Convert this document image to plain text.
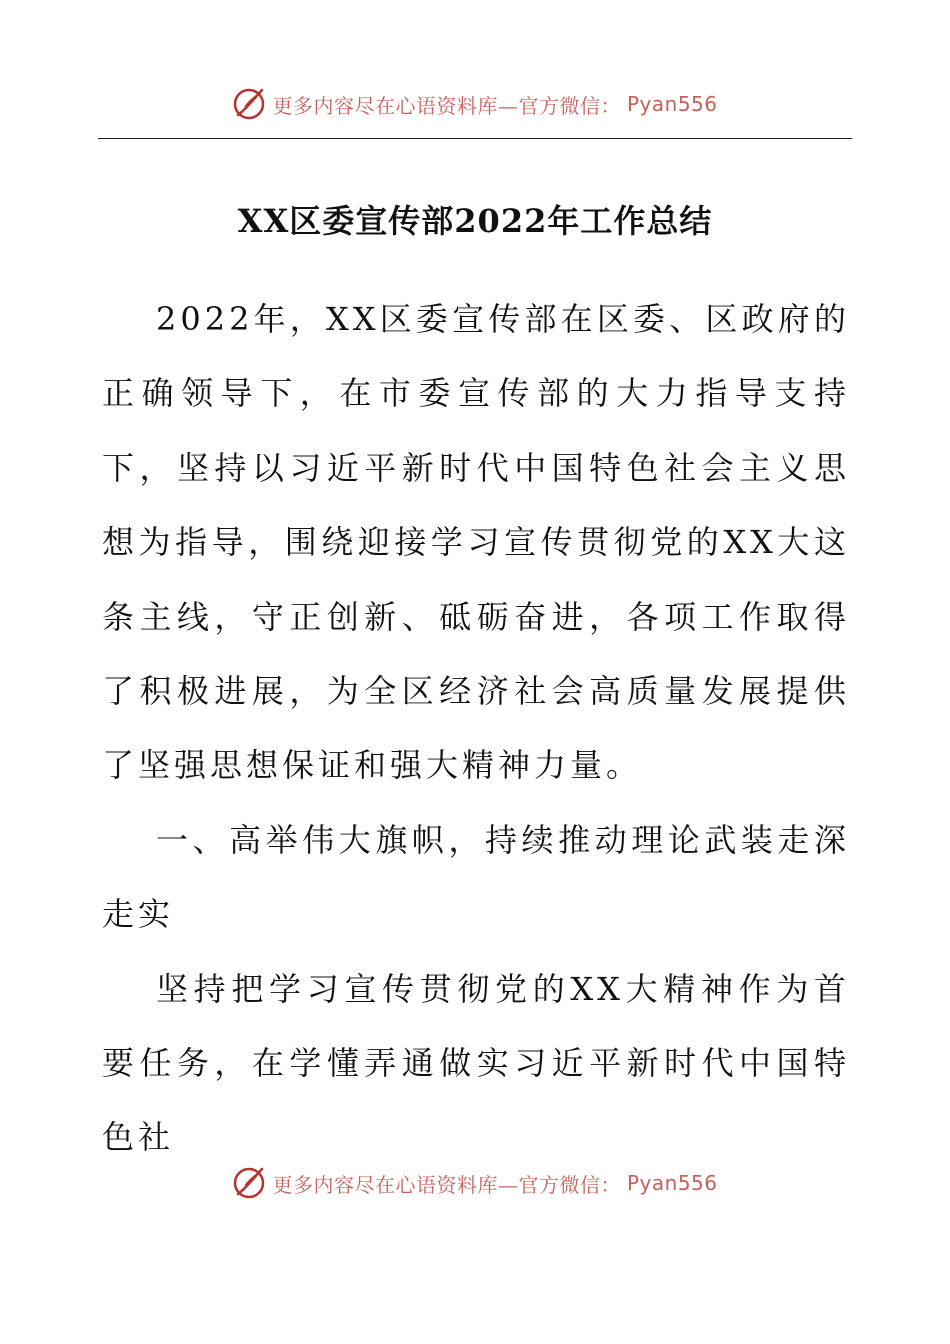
更多内容尽在心语资料库—官方微信： Pyan556
XX区委宣传部2022年工作总结

2022年，XX区委宣传部在区委、区政府的正确领导下，在市委宣传部的大力指导支持下，坚持以习近平新时代中国特色社会主义思想为指导，围绕迎接学习宣传贯彻党的XX大这条主线，守正创新、砥砺奋进，各项工作取得了积极进展，为全区经济社会高质量发展提供了坚强思想保证和强大精神力量。

一、高举伟大旗帜，持续推动理论武装走深走实

坚持把学习宣传贯彻党的XX大精神作为首要任务，在学懂弄通做实习近平新时代中国特色社

更多内容尽在心语资料库—官方微信： Pyan556
